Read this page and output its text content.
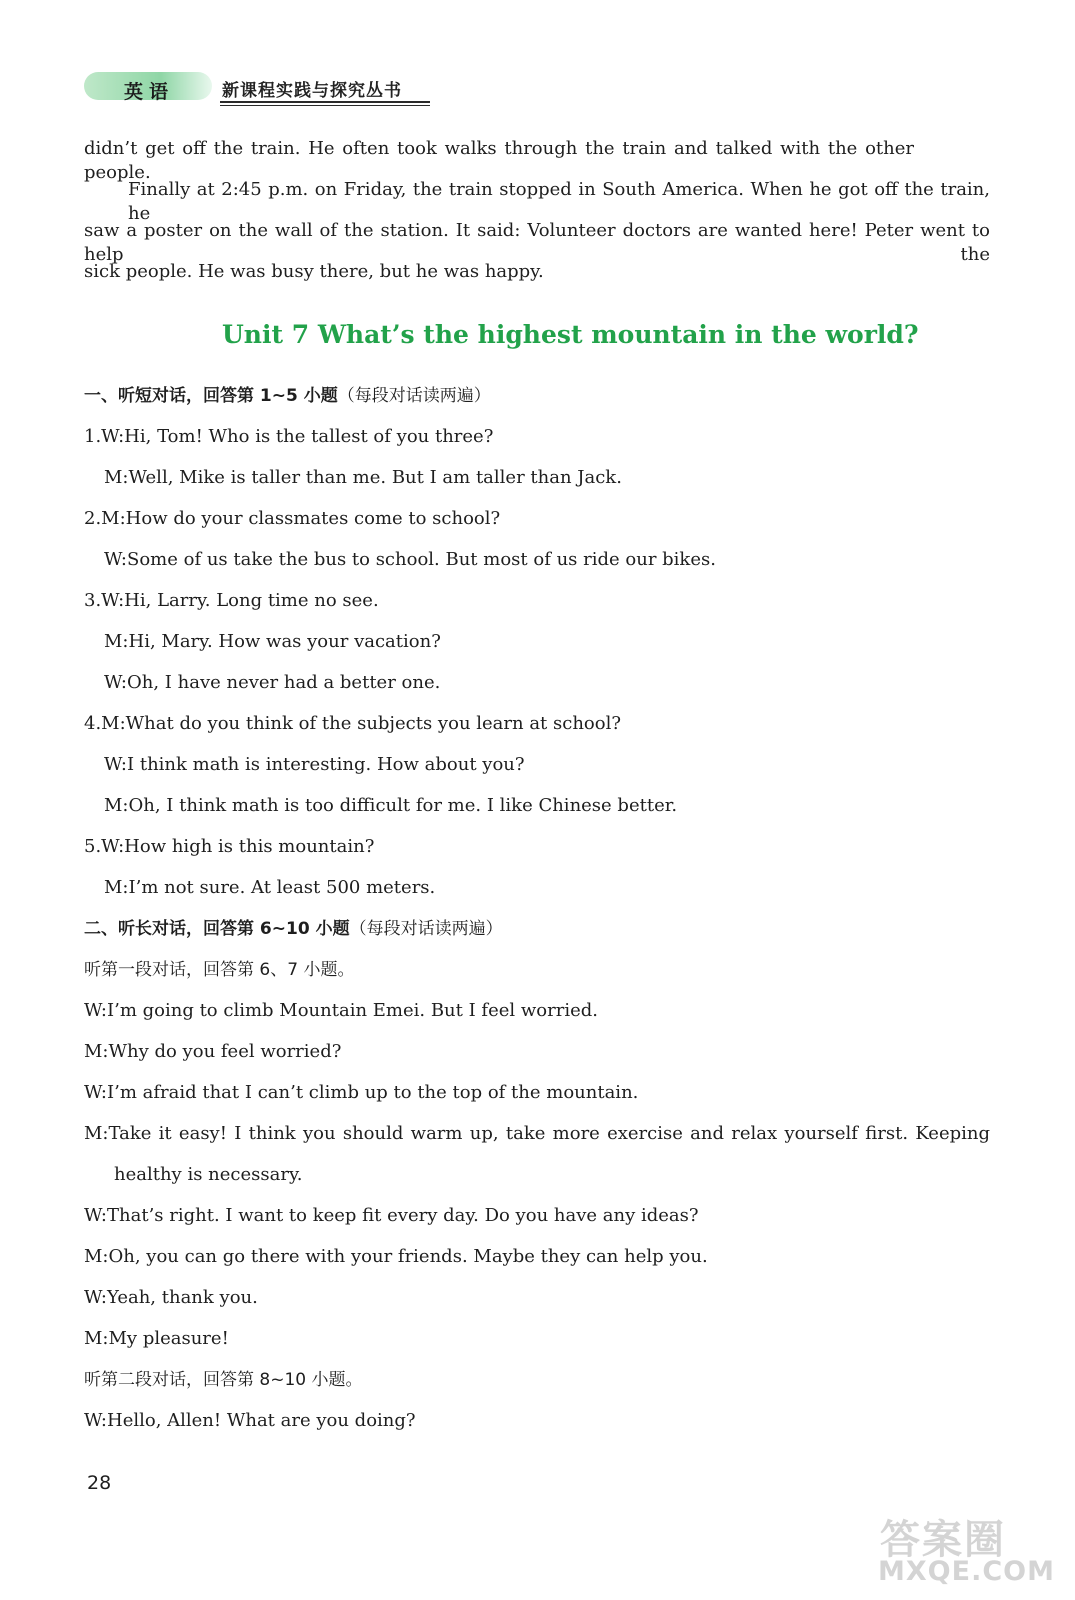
英语	新课程实践与探究丛书

didn’t get off the train. He often took walks through the train and talked with the other people.

Finally at 2:45 p.m. on Friday, the train stopped in South America. When he got off the train, he

saw a poster on the wall of the station. It said: Volunteer doctors are wanted here! Peter went to help the

sick people. He was busy there, but he was happy.

Unit 7 What’s the highest mountain in the world?

一、听短对话，回答第 1~5 小题（每段对话读两遍）

1.W:Hi, Tom! Who is the tallest of you three?

M:Well, Mike is taller than me. But I am taller than Jack.

2.M:How do your classmates come to school?

W:Some of us take the bus to school. But most of us ride our bikes.

3.W:Hi, Larry. Long time no see.

M:Hi, Mary. How was your vacation?

W:Oh, I have never had a better one.

4.M:What do you think of the subjects you learn at school?

W:I think math is interesting. How about you?

M:Oh, I think math is too difficult for me. I like Chinese better.

5.W:How high is this mountain?

M:I’m not sure. At least 500 meters.

二、听长对话，回答第 6~10 小题（每段对话读两遍）

听第一段对话，回答第 6、7 小题。

W:I’m going to climb Mountain Emei. But I feel worried.

M:Why do you feel worried?

W:I’m afraid that I can’t climb up to the top of the mountain.

M:Take it easy! I think you should warm up, take more exercise and relax yourself first. Keeping

healthy is necessary.

W:That’s right. I want to keep fit every day. Do you have any ideas?

M:Oh, you can go there with your friends. Maybe they can help you.

W:Yeah, thank you.

M:My pleasure!

听第二段对话，回答第 8~10 小题。

W:Hello, Allen! What are you doing?

28

答案圈

MXQE.COM
